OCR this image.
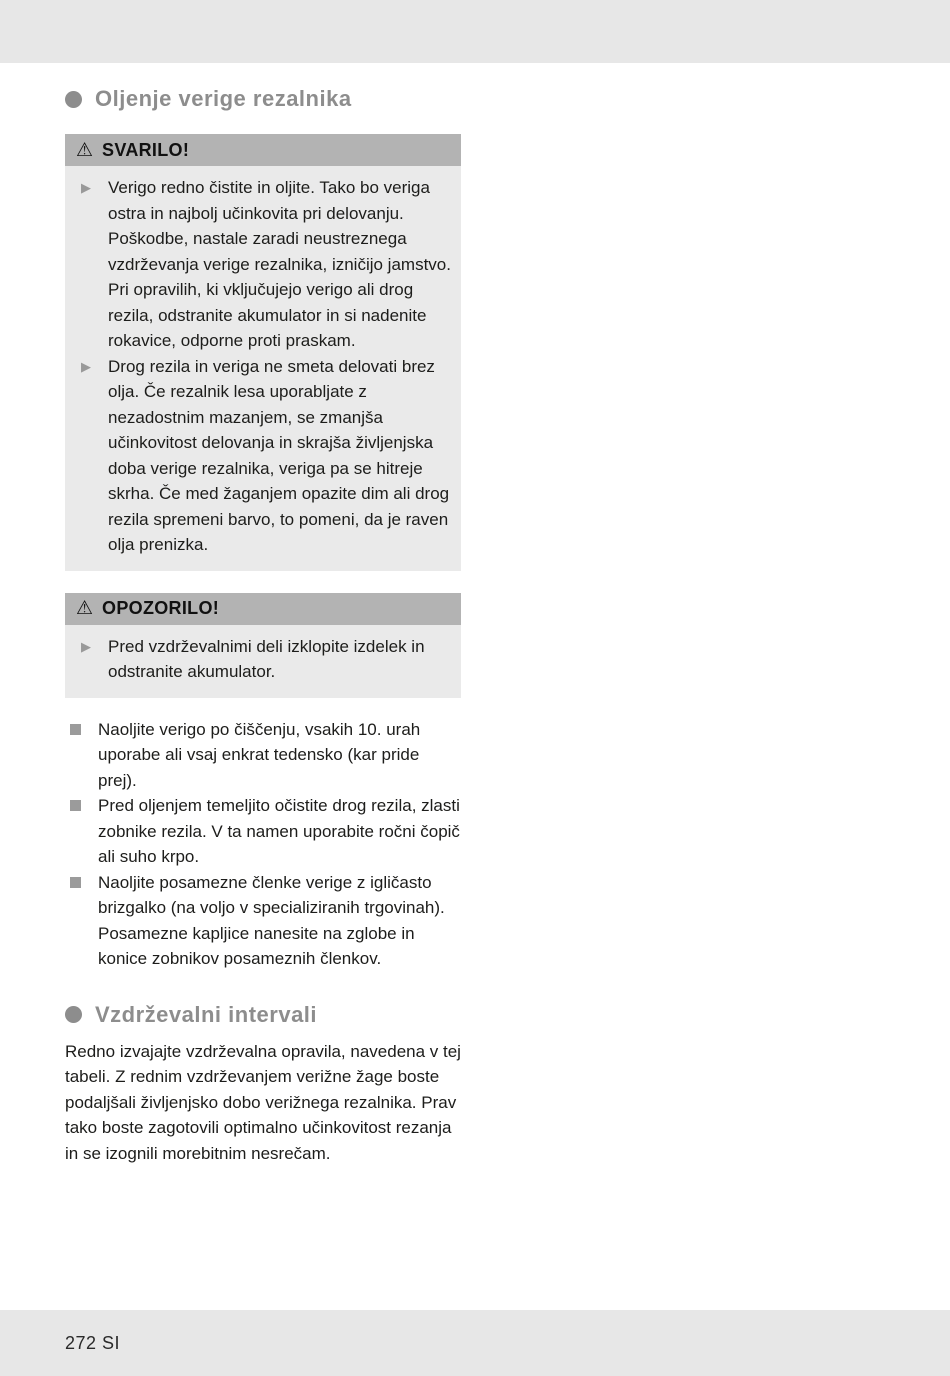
Oljenje verige rezalnika
⚠ SVARILO!
▶	Verigo redno čistite in oljite. Tako bo veriga ostra in najbolj učinkovita pri delovanju. Poškodbe, nastale zaradi neustreznega vzdrževanja verige rezalnika, izničijo jamstvo. Pri opravilih, ki vključujejo verigo ali drog rezila, odstranite akumulator in si nadenite rokavice, odporne proti praskam.
▶	Drog rezila in veriga ne smeta delovati brez olja. Če rezalnik lesa uporabljate z nezadostnim mazanjem, se zmanjša učinkovitost delovanja in skrajša življenjska doba verige rezalnika, veriga pa se hitreje skrha. Če med žaganjem opazite dim ali drog rezila spremeni barvo, to pomeni, da je raven olja prenizka.
⚠ OPOZORILO!
▶	Pred vzdrževalnimi deli izklopite izdelek in odstranite akumulator.
Naoljite verigo po čiščenju, vsakih 10. urah uporabe ali vsaj enkrat tedensko (kar pride prej).
Pred oljenjem temeljito očistite drog rezila, zlasti zobnike rezila. V ta namen uporabite ročni čopič ali suho krpo.
Naoljite posamezne členke verige z igličasto brizgalko (na voljo v specializiranih trgovinah). Posamezne kapljice nanesite na zglobe in konice zobnikov posameznih členkov.
Vzdrževalni intervali

Redno izvajajte vzdrževalna opravila, navedena v tej tabeli. Z rednim vzdrževanjem verižne žage boste podaljšali življenjsko dobo verižnega rezalnika. Prav tako boste zagotovili optimalno učinkovitost rezanja in se izognili morebitnim nesrečam.

272 SI
